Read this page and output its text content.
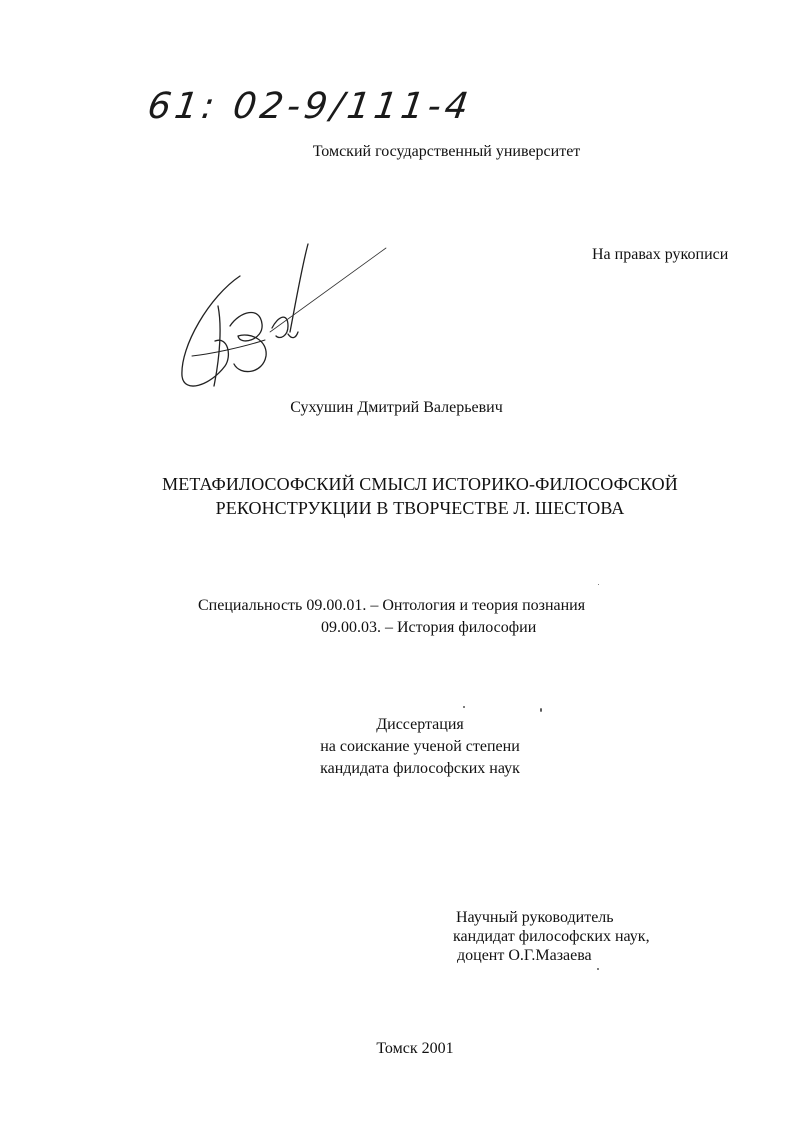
61: 02-9/111-4
Томский государственный университет
На правах рукописи
Сухушин Дмитрий Валерьевич
МЕТАФИЛОСОФСКИЙ СМЫСЛ ИСТОРИКО-ФИЛОСОФСКОЙ
РЕКОНСТРУКЦИИ В ТВОРЧЕСТВЕ Л. ШЕСТОВА
Специальность 09.00.01. – Онтология и теория познания
09.00.03. – История философии
Диссертация
на соискание ученой степени
кандидата философских наук
Научный руководитель
кандидат философских наук,
доцент О.Г.Мазаева
Томск 2001
